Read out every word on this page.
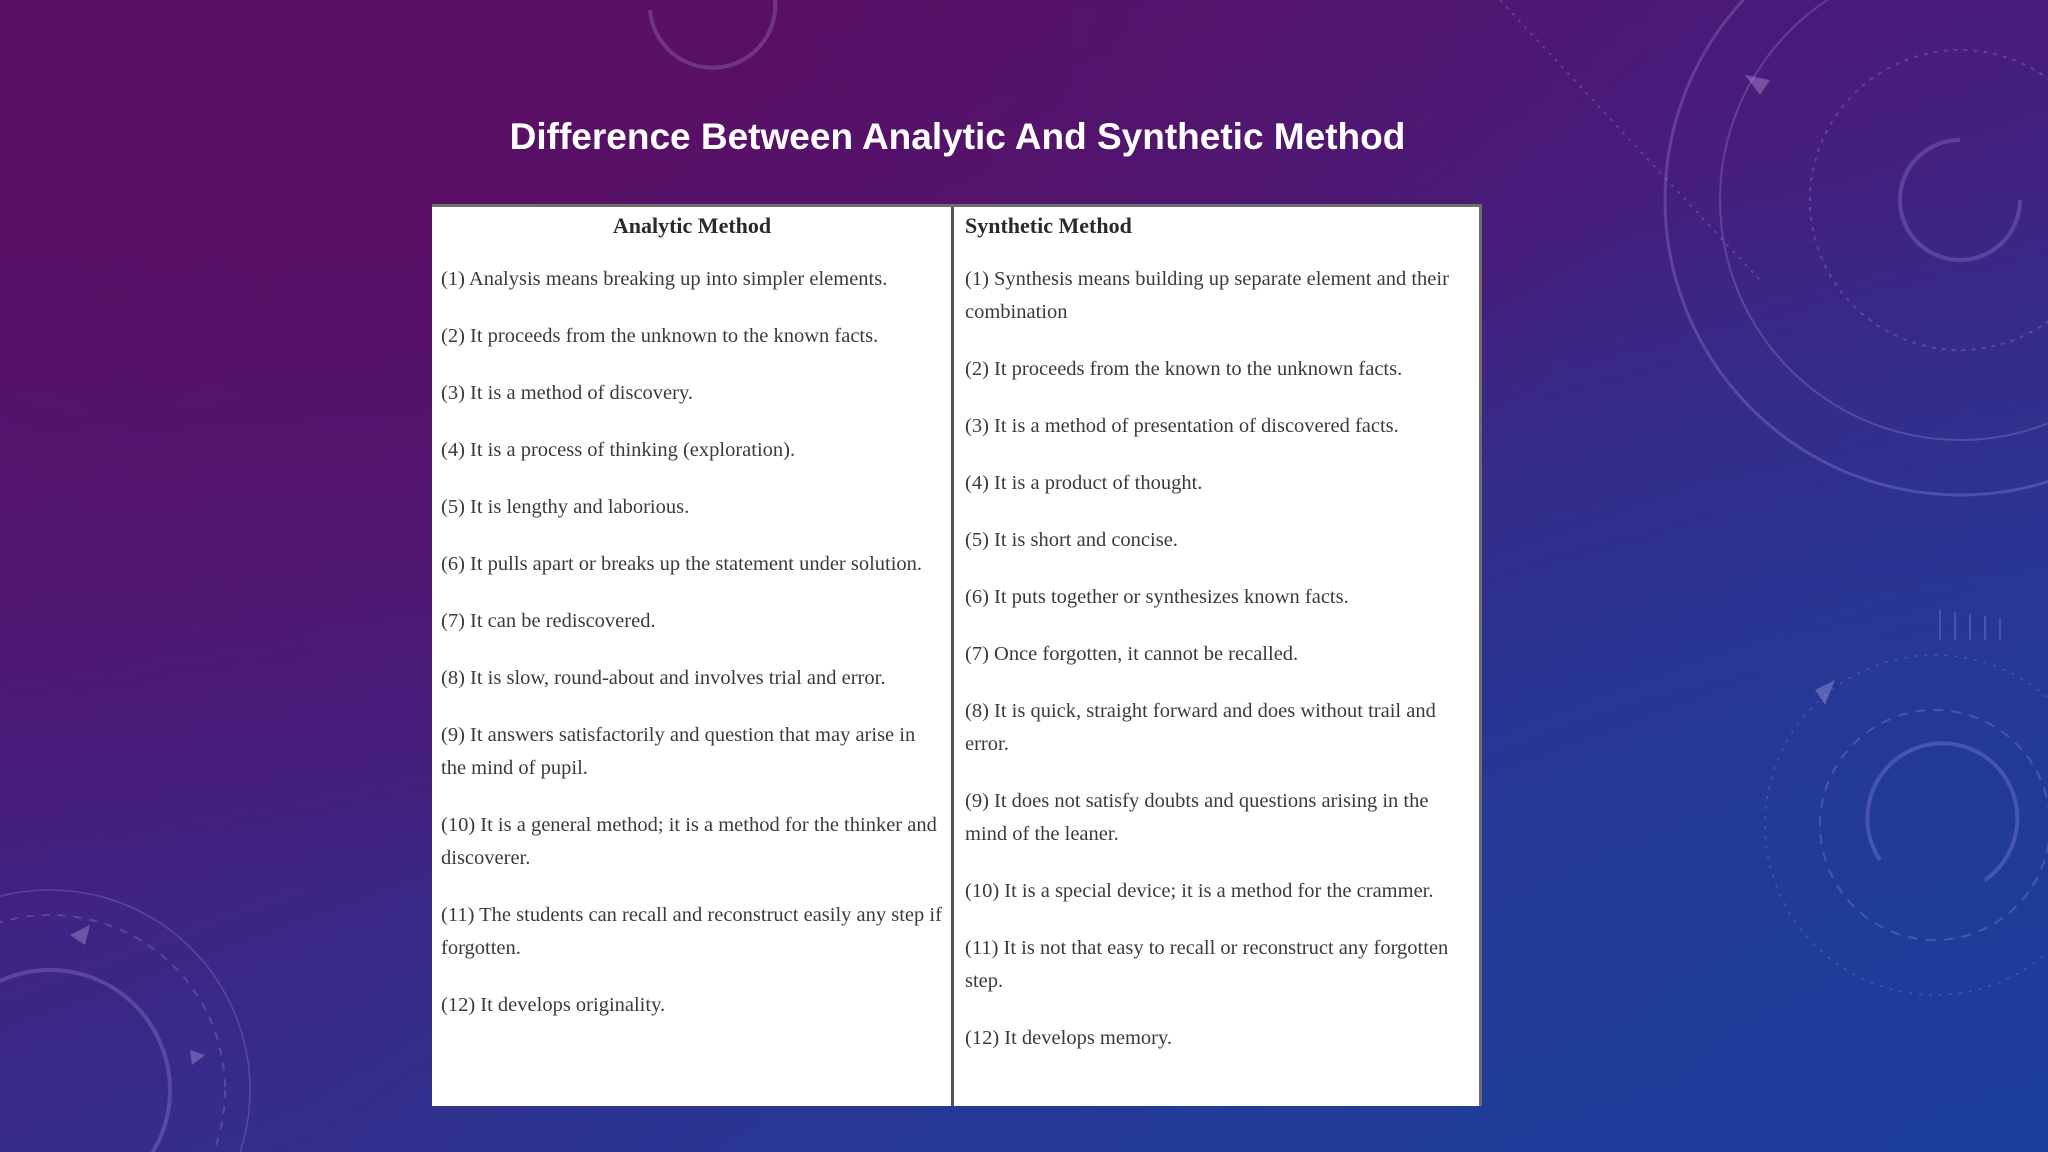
Difference Between Analytic And Synthetic Method
Analytic Method
(1) Analysis means breaking up into simpler elements.
(2) It proceeds from the unknown to the known facts.
(3) It is a method of discovery.
(4) It is a process of thinking (exploration).
(5) It is lengthy and laborious.
(6) It pulls apart or breaks up the statement under solution.
(7) It can be rediscovered.
(8) It is slow, round-about and involves trial and error.
(9) It answers satisfactorily and question that may arise in the mind of pupil.
(10) It is a general method; it is a method for the thinker and discoverer.
(11) The students can recall and reconstruct easily any step if forgotten.
(12) It develops originality.
Synthetic Method
(1) Synthesis means building up separate element and their combination
(2) It proceeds from the known to the unknown facts.
(3) It is a method of presentation of discovered facts.
(4) It is a product of thought.
(5) It is short and concise.
(6) It puts together or synthesizes known facts.
(7) Once forgotten, it cannot be recalled.
(8) It is quick, straight forward and does without trail and error.
(9) It does not satisfy doubts and questions arising in the mind of the leaner.
(10) It is a special device; it is a method for the crammer.
(11) It is not that easy to recall or reconstruct any forgotten step.
(12) It develops memory.
